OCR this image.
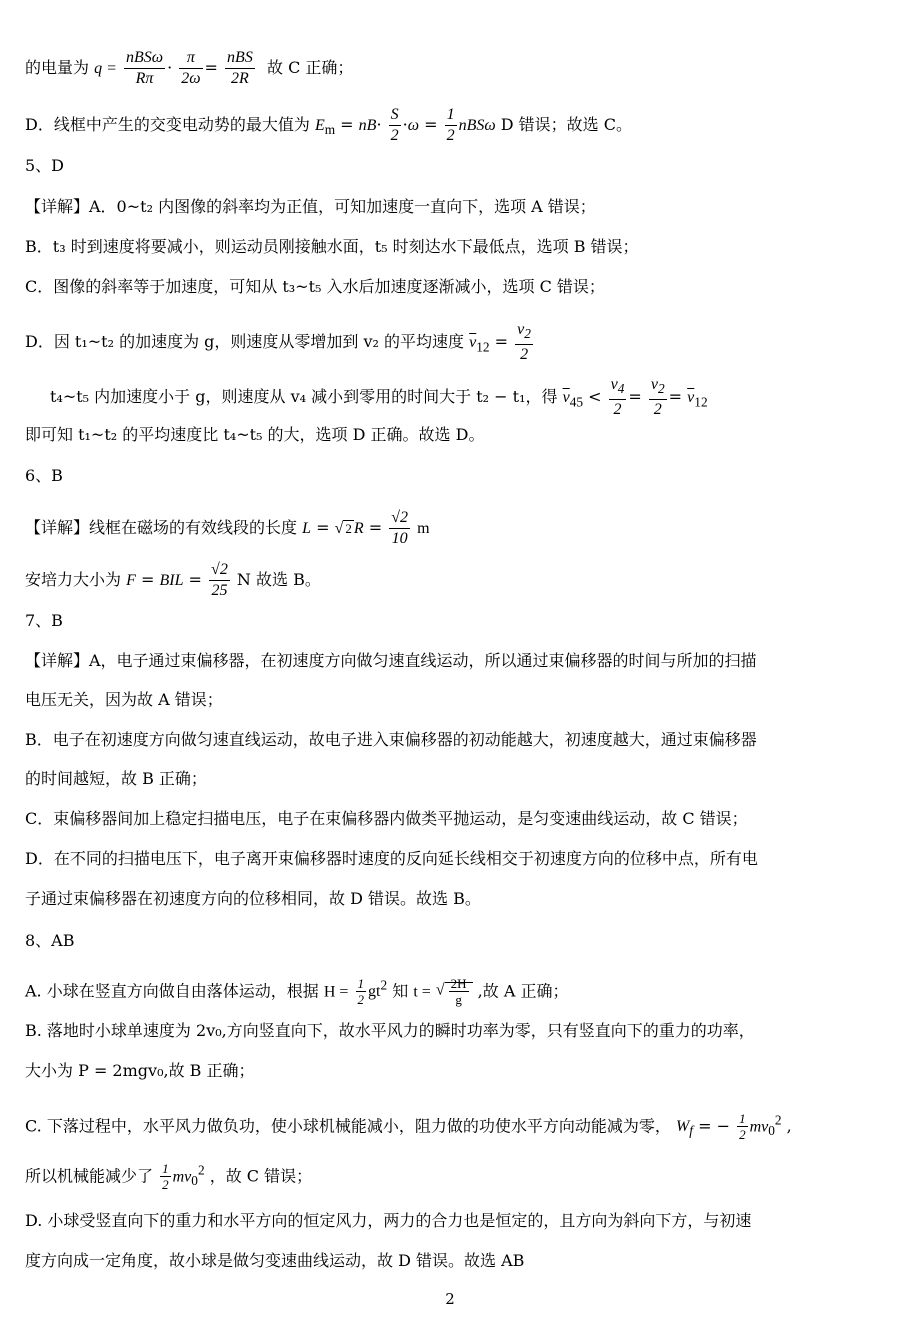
的电量为 $q = \frac{\text{nBSω}}{R\pi} \cdot \frac{\pi}{2\omega} = \frac{\text{nBS}}{2R}$ 故 C 正确；
D．线框中产生的交变电动势的最大值为 $E_m = nB\cdot \frac{S}{2} \cdot\omega = \frac{1}{2}$ nBSω D 错误；故选 C。
5、D
【详解】A．0~t₂ 内图像的斜率均为正值，可知加速度一直向下，选项 A 错误；
B．t₃ 时到速度将要减小，则运动员刚接触水面，t₅ 时刻达水下最低点，选项 B 错误；
C．图像的斜率等于加速度，可知从 t₃~t₅ 入水后加速度逐渐减小，选项 C 错误；
D．因 t₁~t₂ 的加速度为 g，则速度从零增加到 v₂ 的平均速度 $\overline{v}_{12} = \frac{v_2}{2}$
t₄~t₅ 内加速度小于 g，则速度从 v₄ 减小到零用的时间大于 t₂ − t₁，得 $\overline{v}_{45} < \frac{v_4}{2} = \frac{v_2}{2} = \overline{v}_{12}$
即可知 t₁~t₂ 的平均速度比 t₄~t₅ 的大，选项 D 正确。故选 D。
6、B
【详解】线框在磁场的有效线段的长度 L = √ 2 $R = \frac{√2}{10}$ m
安培力大小为 F = BIL = $\frac{√2}{25}$ N 故选 B。
7、B
【详解】A，电子通过束偏移器，在初速度方向做匀速直线运动，所以通过束偏移器的时间与所加的扫描
电压无关，因为故 A 错误；
B．电子在初速度方向做匀速直线运动，故电子进入束偏移器的初动能越大，初速度越大，通过束偏移器
的时间越短，故 B 正确；
C．束偏移器间加上稳定扫描电压，电子在束偏移器内做类平抛运动，是匀变速曲线运动，故 C 错误；
D．在不同的扫描电压下，电子离开束偏移器时速度的反向延长线相交于初速度方向的位移中点，所有电
子通过束偏移器在初速度方向的位移相同，故 D 错误。故选 B。
8、AB
A. 小球在竖直方向做自由落体运动，根据 $H = \frac{1}{2} gt^2$ 知 t = √ $\frac{2H}{g}$ ,故 A 正确；
B. 落地时小球单速度为 2v₀,方向竖直向下，故水平风力的瞬时功率为零，只有竖直向下的重力的功率，
大小为 P = 2mgv₀,故 B 正确；
C. 下落过程中，水平风力做负功，使小球机械能减小，阻力做的功使水平方向动能减为零， $W_f$ = − $\frac{1}{2} mv_0^2$ ,
所以机械能减少了 $\frac{1}{2} mv_0^2$ ，故 C 错误；
D. 小球受竖直向下的重力和水平方向的恒定风力，两力的合力也是恒定的，且方向为斜向下方，与初速
度方向成一定角度，故小球是做匀变速曲线运动，故 D 错误。故选 AB
2
